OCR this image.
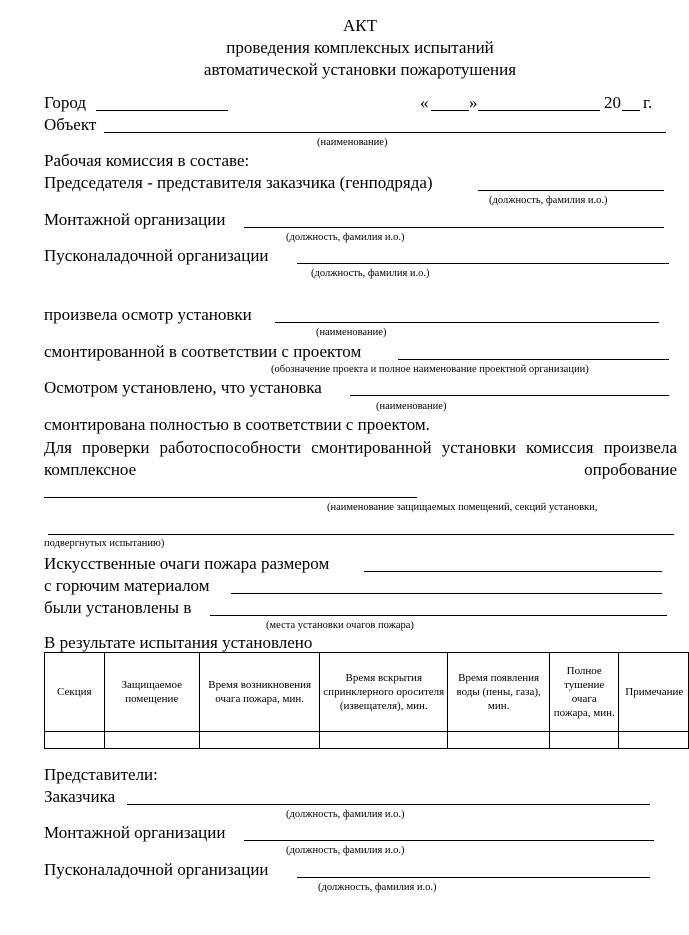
АКТ
проведения комплексных испытаний
автоматической установки пожаротушения
Город	« »	20 г.
Объект
(наименование)
Рабочая комиссия в составе:
Председателя - представителя заказчика (генподряда)
(должность, фамилия и.о.)
Монтажной организации
(должность, фамилия и.о.)
Пусконаладочной организации
(должность, фамилия и.о.)
произвела осмотр установки
(наименование)
смонтированной в соответствии с проектом
(обозначение проекта и полное наименование проектной организации)
Осмотром установлено, что установка
(наименование)
смонтирована полностью в соответствии с проектом.
Для проверки работоспособности смонтированной установки комиссия произвела комплексное опробование
(наименование защищаемых помещений, секций установки,
подвергнутых испытанию)
Искусственные очаги пожара размером
с горючим материалом
были установлены в
(места установки очагов пожара)
В результате испытания установлено
Секция	Защищаемое помещение	Время возникновения очага пожара, мин.	Время вскрытия спринклерного оросителя (извещателя), мин.	Время появления воды (пены, газа), мин.	Полное тушение очага пожара, мин.	Примечание

Представители:
Заказчика
(должность, фамилия и.о.)
Монтажной организации
(должность, фамилия и.о.)
Пусконаладочной организации
(должность, фамилия и.о.)
